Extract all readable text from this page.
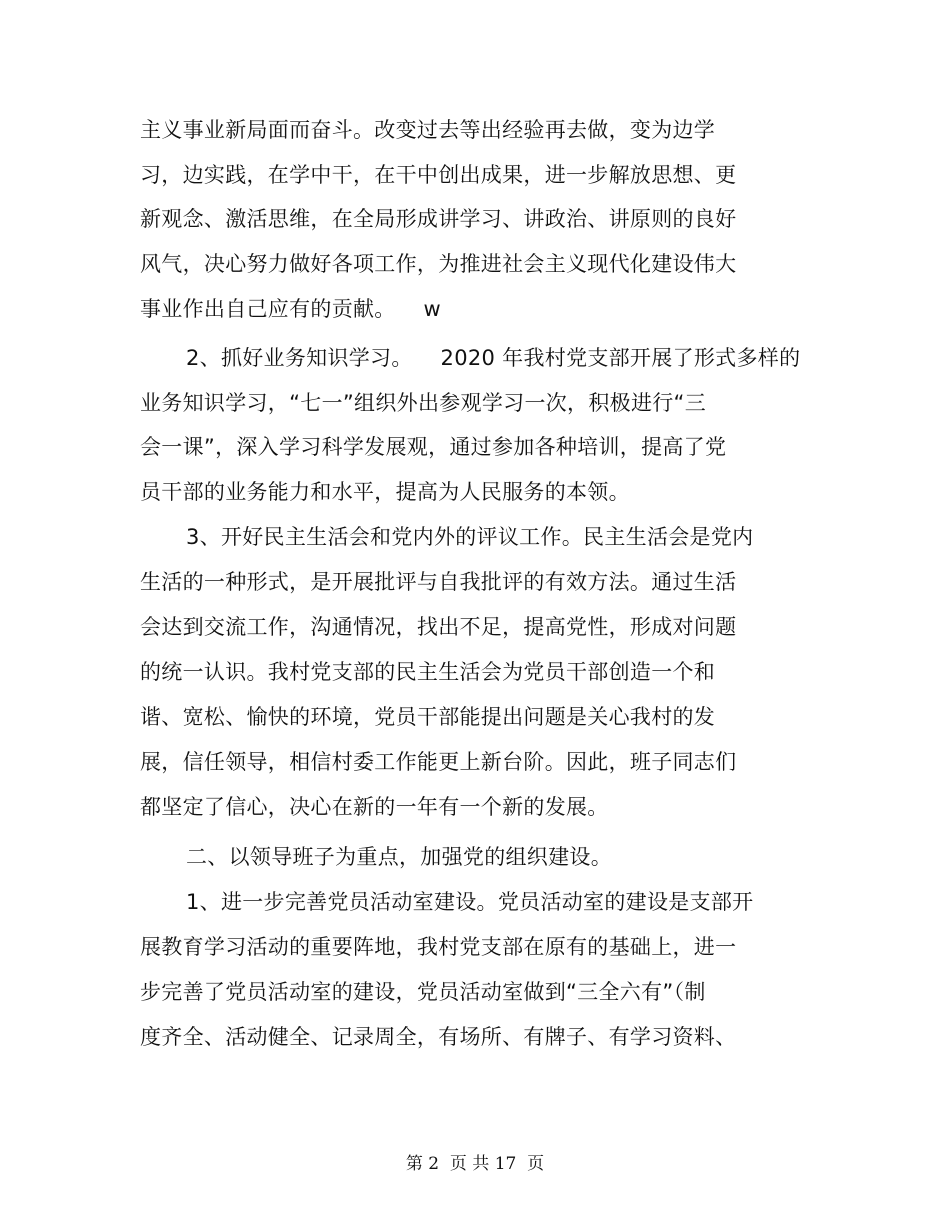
主义事业新局面而奋斗。改变过去等出经验再去做，变为边学
习，边实践，在学中干，在干中创出成果，进一步解放思想、更
新观念、激活思维，在全局形成讲学习、讲政治、讲原则的良好
风气，决心努力做好各项工作，为推进社会主义现代化建设伟大
事业作出自己应有的贡献。    w
2、抓好业务知识学习。    2020 年我村党支部开展了形式多样的
业务知识学习，“七一”组织外出参观学习一次，积极进行“三
会一课”，深入学习科学发展观，通过参加各种培训，提高了党
员干部的业务能力和水平，提高为人民服务的本领。
3、开好民主生活会和党内外的评议工作。民主生活会是党内
生活的一种形式，是开展批评与自我批评的有效方法。通过生活
会达到交流工作，沟通情况，找出不足，提高党性，形成对问题
的统一认识。我村党支部的民主生活会为党员干部创造一个和
谐、宽松、愉快的环境，党员干部能提出问题是关心我村的发
展，信任领导，相信村委工作能更上新台阶。因此，班子同志们
都坚定了信心，决心在新的一年有一个新的发展。
二、以领导班子为重点，加强党的组织建设。
1、进一步完善党员活动室建设。党员活动室的建设是支部开
展教育学习活动的重要阵地，我村党支部在原有的基础上，进一
步完善了党员活动室的建设，党员活动室做到“三全六有”（制
度齐全、活动健全、记录周全，有场所、有牌子、有学习资料、
第 2  页 共 17  页
